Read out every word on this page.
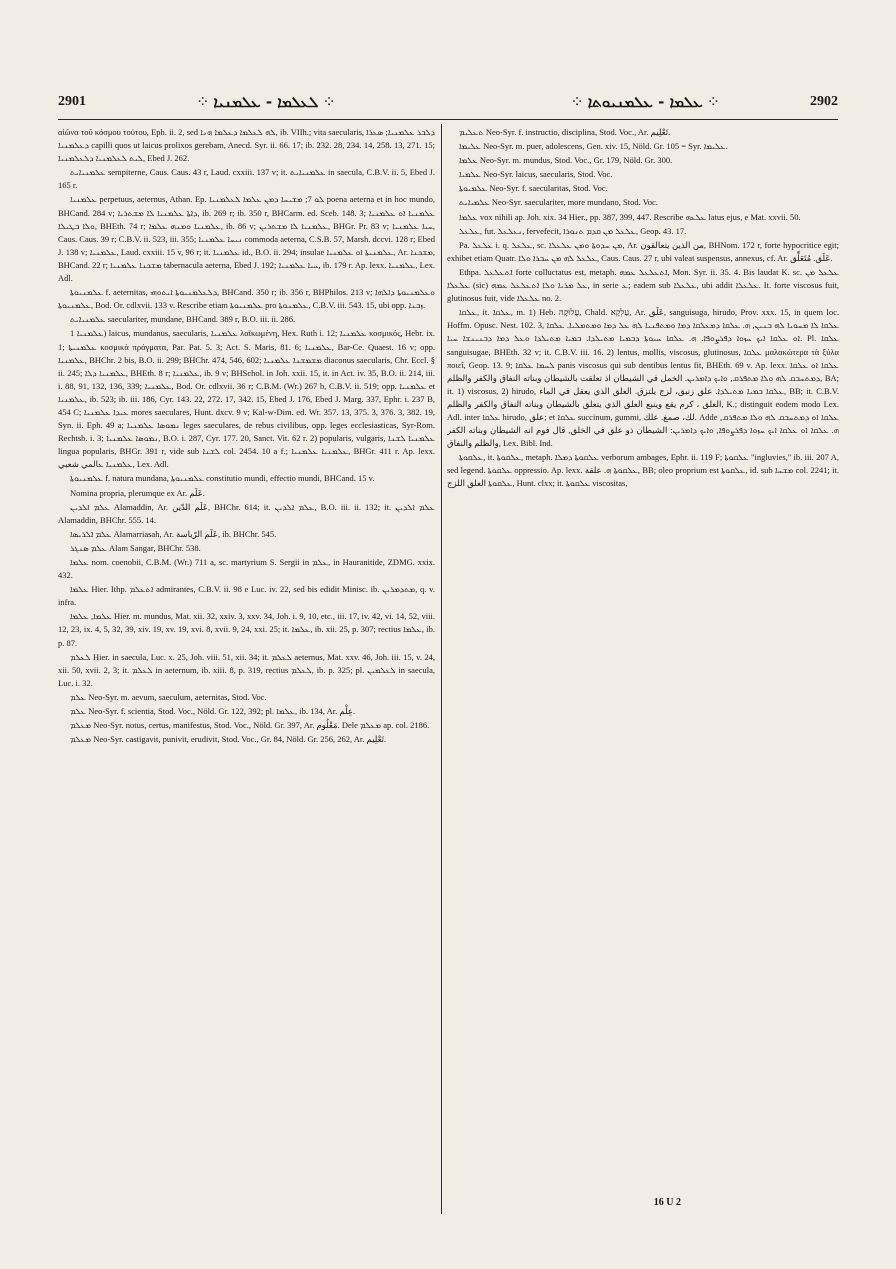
2901	⁘ ܠܥܠܡܐ - ܥܠܡܢܝܐ ⁘	⁘ ܥܠܡܐ - ܥܠܡܢܝܘܬܐ ⁘	2902

αἰῶνα τοῦ κόσμου τούτου, Eph. ii. 2, sed ܠܗ ܠܥܠܡܐ ܕܥܠܡܐ ܗܢܐ, ib. VIIh.; vita saecularis, ܕܠܒܪ ܥܠܡܢܝܐ; ܣܥܪܐ ܕܥܠܡܢܝܐ capilli quos ut laicus prolixos gerebam, Anecd. Syr. ii. 66. 17; ib. 232. 28, 234. 14, 258. 13, 271. 15; ܠܝܬ ܠܥܠܡܢܝܐ ܕܠܥܠܡܢܝܐ, Ebed J. 262.

ܥܠܡܢܝܐܝܬ sempiterne, Caus. Caus. 43 r, Laud. cxxiii. 137 v; it. ܥܠܡܢܝܐܝܬ in saecula, C.B.V. ii. 5, Ebed J. 165 r.

ܥܠܡܢܝܐ perpetuus, aeternus, Athan. Ep. ܠܘ 7; ܡܫܝܚܐ ܕܡܢ ܥܠܡܐ ܠܥܠܡܢܝܐ poena aeterna et in hoc mundo, BHCand. 284 v; ܕܐܬܐ ܥܠܡܢܝܐ ܠܐ ܡܫܬܪܝܐ, ib. 269 r; ib. 350 r, BHCarm. ed. Sceb. 148. 3; ܥܠܡܢܝܐ ܐܘ ܥܠܡܢܝܐ ܘܠܐ ܒܛܝܠܐ, BHEth. 74 r; ܥܠܡܢܝܐ ܘܡܢܗ ܥܠܡܐ, ib. 86 v; ܥܠܡܢܝܐ ܠܐ ܡܫܬܪܝܢ, BHGr. Pr. 83 v; ܚܝܐ ܥܠܡܢܝܐ, Caus. Caus. 39 r; C.B.V. ii. 523, iii. 355; ܢܝܚܐ ܥܠܡܢܝܐ commoda aeterna, C.S.B. 57, Marsh. dccvi. 128 r; Ebed J. 138 v; ܥܠܡܢܝܐ, Laud. cxxiii. 15 v, 96 r; it. ܥܠܡܢܝܐ id., B.O. ii. 294; insulae ܥܠܡܢܝܬܐ ܐܘ ܥܠܡܢܝܐ, Ar. ܡܫܟܢܐ, BHCand. 22 r; ܡܫܟܢܐ ܥܠܡܢܝܐ tabernacula aeterna, Ebed J. 192; ܚܝܐ ܥܠܡܢܝܐ, ib. 179 r. Ap. lexx. ܥܠܡܢܝܐ, Lex. Adl.

ܥܠܡܢܝܘܬܐ f. aeternitas, ܕܠܥܠܡܢܝܘܬܐ ܐܝܬܘܗܝ, BHCand. 350 r; ib. 356 r, BHPhilos. 213 v; ܘܥܠܡܢܝܘܬܐ ܕܐܠܗܐ ܥܠܡܢܝܘܬܐ, Bod. Or. cdlxvii. 133 v. Rescribe etiam ܥܠܡܢܝܘܬܐ pro ܥܠܡܢܘܬܐ, C.B.V. iii. 543. 15, ubi opp. ܙܒܢܐ.

ܥܠܡܢܝܐܝܬ saeculariter, mundane, BHCand. 389 r, B.O. iii. ii. 286.

ܥܠܡܢܝܐ 1) laicus, mundanus, saecularis, ܥܠܡܢܝܐ λαϊκωμένη, Hex. Ruth i. 12; ܥܠܡܢܝܐ κοσμικός, Hebr. ix. 1; ܥܠܡܢܝܬܐ κοσμικὰ πράγματα, Par. Pat. 5. 3; Act. S. Maris, 81. 6; ܥܠܡܢܝܐ, Bar-Ce. Quaest. 16 v; opp. ܥܠܡܢܝܐ, BHChr. 2 bis, B.O. ii. 299; BHChr. 474, 546, 602; ܡܫܡܫܢܐ ܥܠܡܢܝܐ diaconus saecularis, Chr. Eccl. § ii. 245; ܥܠܡܢܝܐ ܕܠܐ, BHEth. 8 r; ܥܠܡܢܝܐ, ib. 9 v; BHSchol. in Joh. xxii. 15, it. in Act. iv. 35, B.O. ii. 214, iii. i. 88, 91, 132, 136, 339; ܥܠܡܢܝܐ, Bod. Or. cdlxvii. 36 r; C.B.M. (Wr.) 267 b, C.B.V. ii. 519; opp. ܥܠܡܢܝܐ et ܥܠܡܢܝܐ, ib. 523; ib. iii. 186, Cyr. 143. 22, 272. 17, 342. 15, Ebed J. 176, Ebed J. Marg. 337, Ephr. i. 237 B, 454 C; ܥܝܕܐ ܥܠܡܢܝܐ mores saeculares, Hunt. dxcv. 9 v; Kal-w-Dim. ed. Wr. 357. 13, 375. 3, 376. 3, 382. 19, Syn. ii. Eph. 49 a; ܢܡܘܣܐ ܥܠܡܢܝܐ leges saeculares, de rebus civilibus, opp. leges ecclesiasticas, Syr-Rom. Rechtsb. i. 3; ܢܡܘܣܐ ܥܠܡܢܝܐ, B.O. i. 287, Cyr. 177. 20, Sanct. Vit. 62 r. 2) popularis, vulgaris, ܥܠܡܢܝܐ ܠܫܢܐ lingua popularis, BHGr. 391 r, vide sub ܠܫܢܐ col. 2454. 10 a f.; ܥܠܡܢܝܐ ܥܠܡܢܝܐ, BHGr. 411 r. Ap. lexx. ܥܠܡܢܝܐ ܥالمي شعبي, Lex. Adl.

ܥܠܡܢܝܘܬܐ f. natura mundana, ܥܠܡܢܝܘܬܐ constitutio mundi, effectio mundi, BHCand. 15 v.

Nomina propria, plerumque ex Ar. عَلَم.

ܥܠܡ ܐܠܕܝܢ Alamaddin, Ar. عَلَم الدّين, BHChr. 614; it. ܥܠܡ ܐܠܕܝܢ, B.O. iii. ii. 132; it. ܥܠܡ ܐܠܕܝܢ Alamaddin, BHChr. 555. 14.

ܥܠܡ ܐܠܪܝܣܐ Alamarriasah, Ar. عَلَم الرّياسة, ib. BHChr. 545.

ܥܠܡ ܣܢܓܪ Alam Sangar, BHChr. 538.

ܥܠܡܐ nom. coenobii, C.B.M. (Wr.) 711 a, sc. martyrium S. Sergii in ܥܠܡ, in Hauranitide, ZDMG. xxix. 432.

ܥܠܡܐ Hier. Ithp. ܐܬܥܠܡ admirantes, C.B.V. ii. 98 e Luc. iv. 22, sed bis edidit Minisc. ib. ܡܬܕܡܪܝܢ, q. v. infra.

ܥܠܡܐ, ܥܠܡܐ Hier. m. mundus, Mat. xii. 32, xxiv. 3, xxv. 34, Joh. i. 9, 10, etc., iii. 17, iv. 42, vi. 14, 52, viii. 12, 23, ix. 4, 5, 32, 39, xiv. 19, xv. 19, xvi. 8, xvii. 9, 24, xxi. 25; it. ܥܠܡܐ, ib. xii. 25, p. 307; rectius ܥܠܡܐ, ib. p. 87.

ܠܥܠܡ Hier. in saecula, Luc. x. 25, Joh. viii. 51, xii. 34; it. ܠܥܠܡ aeternus, Mat. xxv. 46, Joh. iii. 15, v. 24, xii. 50, xvii. 2, 3; it. ܠܥܠܡ in aeternum, ib. xiii. 8, p. 319, rectius ܠܥܠܡ, ib. p. 325; pl. ܠܥܠܡܝܢ in saecula, Luc. i. 32.

ܥܠܡ Neo-Syr. m. aevum, saeculum, aeternitas, Stod. Voc.

ܥܠܡ Neo-Syr. f. scientia, Stod. Voc., Nöld. Gr. 122, 392; pl. ܥܠܡܐ, ib. 134, Ar. عِلْم.

ܡܥܠܡ Neo-Syr. notus, certus, manifestus, Stod. Voc., Nöld. Gr. 397, Ar. مَعْلُوم. Dele ܡܥܠܡ ap. col. 2186.

ܡܥܠܡ Neo-Syr. castigavit, punivit, erudivit, Stod. Voc., Gr. 84, Nöld. Gr. 256, 262, Ar. تَعْلِيم.

ܬܥܠܝܡ Neo-Syr. f. instructio, disciplina, Stod. Voc., Ar. تَعْلِيم.

ܥܠܝܡܐ Neo-Syr. m. puer, adolescens, Gen. xiv. 15, Nöld. Gr. 105 = Syr. ܥܠܝܡܐ.

ܥܠܡܐ Neo-Syr. m. mundus, Stod. Voc., Gr. 179, Nöld. Gr. 300.

ܥܠܡܝܐ Neo-Syr. laicus, saecularis, Stod. Voc.

ܥܠܡܝܘܬܐ Neo-Syr. f. saecularitas, Stod. Voc.

ܥܠܡܝܐܝܬ Neo-Syr. saeculariter, more mundano, Stod. Voc.

ܥܠܡܐ vox nihili ap. Joh. xix. 34 Hier., pp. 387, 399, 447. Rescribe ܥܠܥܗ latus ejus, e Mat. xxvii. 50.

ܥܠܥܠ, fut. ܢܥܠܥܠ, fervefecit, ܥܠܥܠ ܡܢ ܩܕܡ ܬܢܘܪܐ, Geop. 43. 17.

Pa. ܥܠܥܠ i. q. ܥܠܥܠ, sc. ܡܢ ܚܕܘܬܐ ܘܡܢ ܥܠܥܠܐ, Ar. من الذين يتعالقون, BHNom. 172 r, forte hypocritice egit; exhibet etiam Quatr. ܥܠܥܠ ܠܗ ܡܢ ܚܒܪܐ ܘܠܐ, Caus. Caus. 27 r, ubi valeat suspensus, annexus, cf. Ar. عَلَق. مُتَعَلِّق.

Ethpa. ܐܬܥܠܥܠ forte colluctatus est, metaph. ܐܬܥܠܥܠ ܥܡܗ, Mon. Syr. ii. 35. 4. Bis laudat K. sc. ܥܠܥܠ ܡܢ ܥܠܥܠܐ (sic) ܥܠ ܡܪܝܐ ܘܠܐ ܐܬܥܠܥܠ ܥܡܗ, in serie ܥ; eadem sub ܥܠܥܠܐ, ubi addit ܥܠܥܠܐ. It. forte viscosus fuit, glutinosus fuit, vide ܥܠܥܠܐ no. 2.

ܥܠܩܐ, it. ܥܠܩܐ, m. 1) Heb. עֲלוּקָה, Chald. עַלְקָא, Ar. عَلَق, sanguisuga, hirudo, Prov. xxx. 15, in quem loc. Hoffm. Opusc. Nest. 102. 3, ܥܠܩܐ ܠܐ ܡܚܘܝܐ ܠܗ ܒܢܝܢ, ܗ. ܥܠܩܐ ܕܡܥܠܩܐ ܕܡܐ ܘܡܬܦܢܝܐ ܠܗ ܥܠ ܕܡܐ ܘܡܬܡܠܝܐ. ܥܠܩܐ ܐܘ ܥܠܩܐ ܐܝܟ ܚܙܘܐ ܕܦܪܨܘܦܐ. ܗ. ܥܠܩܐ ܚܝܘܬܐ ܕܒܡܝܐ ܡܬܝܠܕܐ. ܒܡܝܐ ܡܬܝܠܕܐ ܘܥܠ ܕܡܐ ܕܒܢܝܢܫܐ ܚܝܐ. Pl. ܥܠܩܐ sanguisugae, BHEth. 32 v; it. C.B.V. iii. 16. 2) lentus, mollis, viscosus, glutinosus, ܥܠܩܐ μαλακώτερα τὰ ξύλα ποιεῖ, Geop. 13. 9; ܠܚܡܐ ܥܠܩܐ panis viscosus qui sub dentibus lentus fit, BHEth. 69 v. Ap. lexx. ܥܠܩܐ ܐܘ ܥܠܩܐ ܕܡܬܚܒܩ ܠܗ ܘܠܐ ܡܬܦܪܩ, ܘܐܝܟ ܕܐܡܪܝܢ. الخمل في الشيطان اذ تعلقت بالشيطان وبناته النفاق والكفر والظلم, BA; it. 1) viscosus, 2) hirudo, ܥܠܩܐ ܒܡܝܐ ܡܬܝܠܕܐ. علق زنبق، لزج يلتزق. العلق الذي يعقل في الماء, BB; it. C.B.V. العلق ، كرم يقع وينبع العلق الذي يتعلق بالشيطان وبناته النفاق والكفر والظلم, K.; distinguit eodem modo Lex. Adl. inter ܥܠܩܐ hirudo, علق; et ܥܠܩܐ succinum, gummi, لك، صمغ. علك. Adde ܥܠܩܐ ܐܘ ܕܡܬܚܒܩ ܠܗ ܘܠܐ ܡܬܦܪܩ, ܗ. ܥܠܩܐ ܐܘ ܥܠܩܐ ܐܝܟ ܚܙܘܐ ܕܦܪܨܘܦܐ, ܘܐܝܟ ܕܐܡܪܝܢ: الشيطان ذو علق في الخلق, قال فوم انه الشيطان وبناته الكفر والظلم والنفاق, Lex. Bibl. Ind.

ܥܠܩܘܬܐ, it. ܥܠܩܘܬܐ, metaph. ܥܠܩܘܬܐ ܕܡܠܐ verborum ambages, Ephr. ii. 119 F; ܥܠܩܘܬܐ "ingluvies," ib. iii. 207 A, sed legend. ܥܠܩܘܬܐ oppressio. Ap. lexx. ܥܠܩܘܬܐ ܗ. علقة, BB; oleo proprium est ܥܠܩܘܬܐ, id. sub ܡܫܚܐ col. 2241; it. ܥܠܩܘܬܐ العلق اللزج, Hunt. clxx; it. ܥܠܩܘܬܐ viscositas,

16 U 2
